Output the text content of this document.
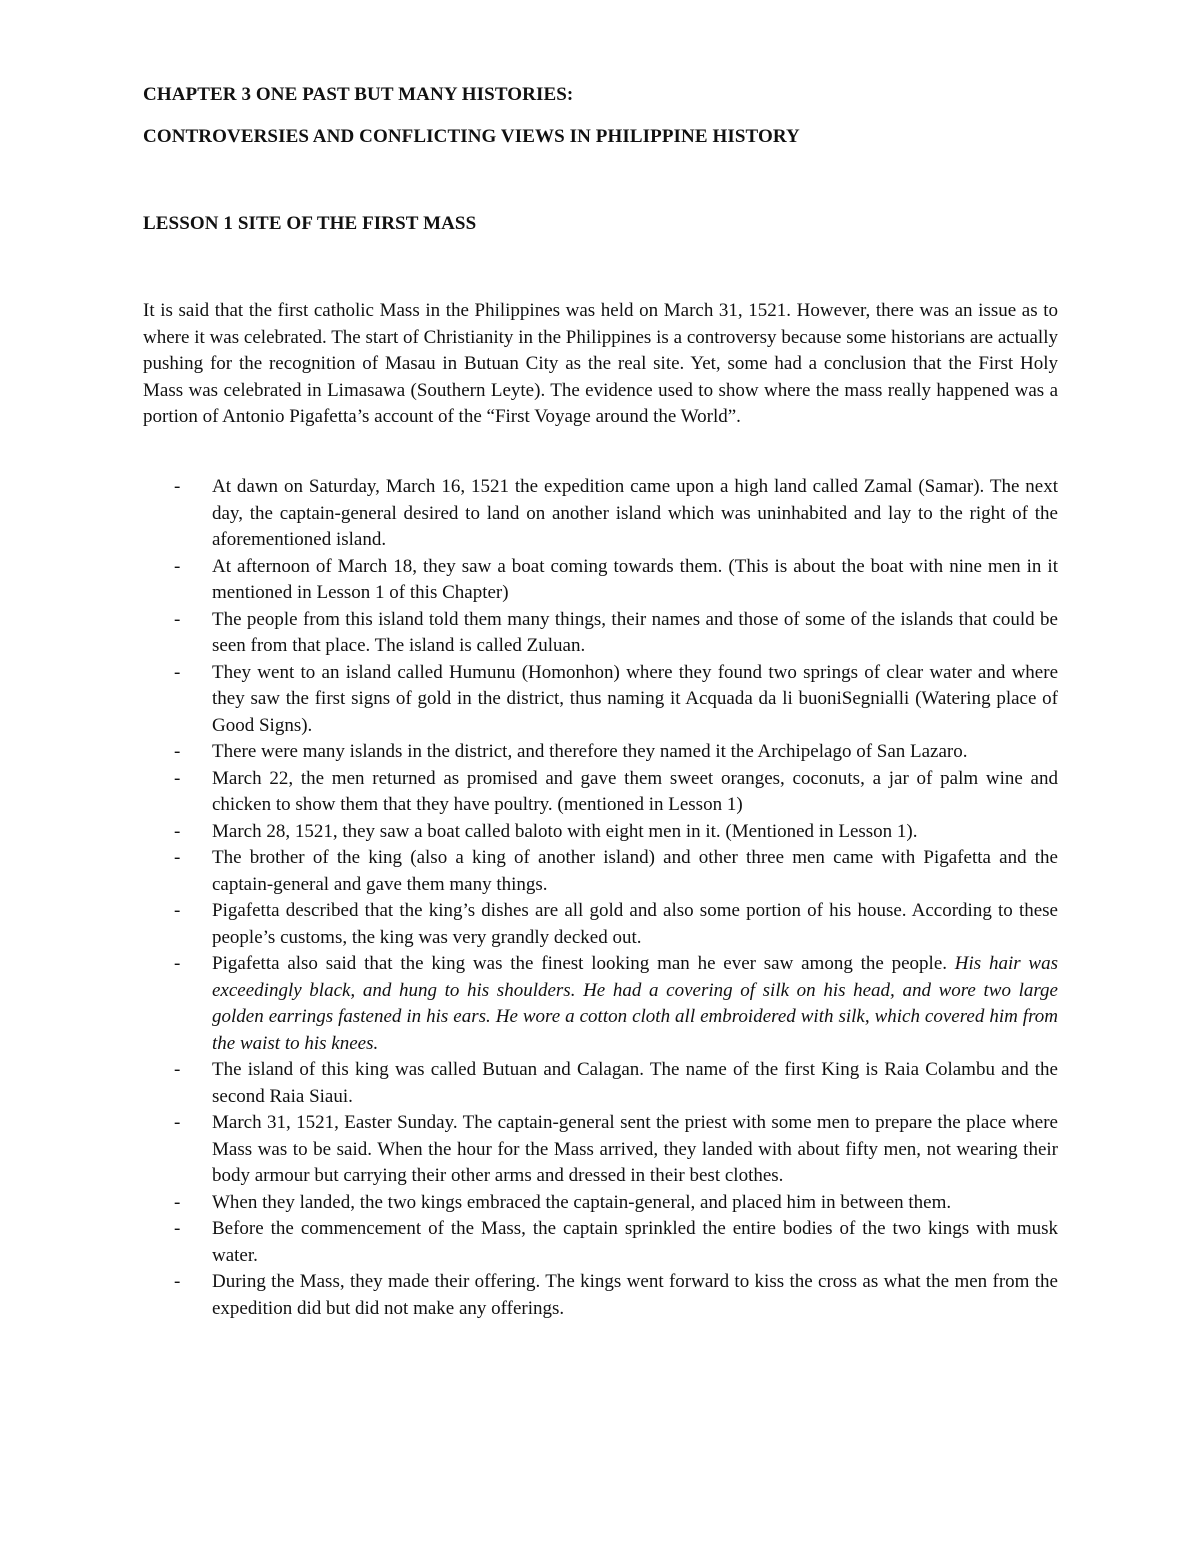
CHAPTER 3 ONE PAST BUT MANY HISTORIES:
CONTROVERSIES AND CONFLICTING VIEWS IN PHILIPPINE HISTORY
LESSON 1 SITE OF THE FIRST MASS

It is said that the first catholic Mass in the Philippines was held on March 31, 1521. However, there was an issue as to where it was celebrated. The start of Christianity in the Philippines is a controversy because some historians are actually pushing for the recognition of Masau in Butuan City as the real site. Yet, some had a conclusion that the First Holy Mass was celebrated in Limasawa (Southern Leyte). The evidence used to show where the mass really happened was a portion of Antonio Pigafetta’s account of the “First Voyage around the World”.

- At dawn on Saturday, March 16, 1521 the expedition came upon a high land called Zamal (Samar). The next day, the captain-general desired to land on another island which was uninhabited and lay to the right of the aforementioned island.
- At afternoon of March 18, they saw a boat coming towards them. (This is about the boat with nine men in it mentioned in Lesson 1 of this Chapter)
- The people from this island told them many things, their names and those of some of the islands that could be seen from that place. The island is called Zuluan.
- They went to an island called Humunu (Homonhon) where they found two springs of clear water and where they saw the first signs of gold in the district, thus naming it Acquada da li buoniSegnialli (Watering place of Good Signs).
- There were many islands in the district, and therefore they named it the Archipelago of San Lazaro.
- March 22, the men returned as promised and gave them sweet oranges, coconuts, a jar of palm wine and chicken to show them that they have poultry. (mentioned in Lesson 1)
- March 28, 1521, they saw a boat called baloto with eight men in it. (Mentioned in Lesson 1).
- The brother of the king (also a king of another island) and other three men came with Pigafetta and the captain-general and gave them many things.
- Pigafetta described that the king’s dishes are all gold and also some portion of his house. According to these people’s customs, the king was very grandly decked out.
- Pigafetta also said that the king was the finest looking man he ever saw among the people. His hair was exceedingly black, and hung to his shoulders. He had a covering of silk on his head, and wore two large golden earrings fastened in his ears. He wore a cotton cloth all embroidered with silk, which covered him from the waist to his knees.
- The island of this king was called Butuan and Calagan. The name of the first King is Raia Colambu and the second Raia Siaui.
- March 31, 1521, Easter Sunday. The captain-general sent the priest with some men to prepare the place where Mass was to be said. When the hour for the Mass arrived, they landed with about fifty men, not wearing their body armour but carrying their other arms and dressed in their best clothes.
- When they landed, the two kings embraced the captain-general, and placed him in between them.
- Before the commencement of the Mass, the captain sprinkled the entire bodies of the two kings with musk water.
- During the Mass, they made their offering. The kings went forward to kiss the cross as what the men from the expedition did but did not make any offerings.
